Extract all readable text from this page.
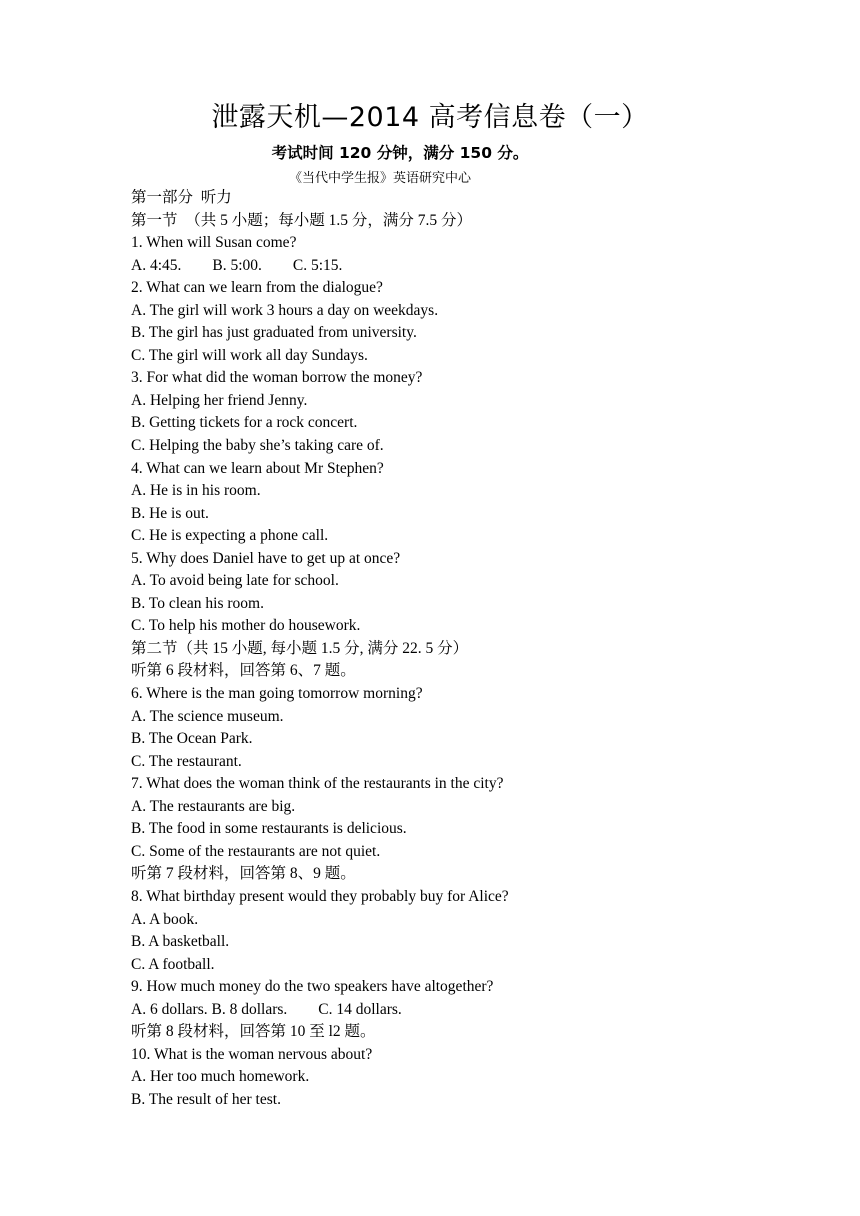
泄露天机—2014 高考信息卷（一）
考试时间 120 分钟，满分 150 分。
《当代中学生报》英语研究中心
第一部分  听力
第一节  （共 5 小题；每小题 1.5 分，满分 7.5 分）
1. When will Susan come?
A. 4:45.        B. 5:00.        C. 5:15.
2. What can we learn from the dialogue?
A. The girl will work 3 hours a day on weekdays.
B. The girl has just graduated from university.
C. The girl will work all day Sundays.
3. For what did the woman borrow the money?
A. Helping her friend Jenny.
B. Getting tickets for a rock concert.
C. Helping the baby she’s taking care of.
4. What can we learn about Mr Stephen?
A. He is in his room.
B. He is out.
C. He is expecting a phone call.
5. Why does Daniel have to get up at once?
A. To avoid being late for school.
B. To clean his room.
C. To help his mother do housework.
第二节（共 15 小题, 每小题 1.5 分, 满分 22. 5 分）
听第 6 段材料，回答第 6、7 题。
6. Where is the man going tomorrow morning?
A. The science museum.
B. The Ocean Park.
C. The restaurant.
7. What does the woman think of the restaurants in the city?
A. The restaurants are big.
B. The food in some restaurants is delicious.
C. Some of the restaurants are not quiet.
听第 7 段材料，回答第 8、9 题。
8. What birthday present would they probably buy for Alice?
A. A book.
B. A basketball.
C. A football.
9. How much money do the two speakers have altogether?
A. 6 dollars. B. 8 dollars.        C. 14 dollars.
听第 8 段材料，回答第 10 至 l2 题。
10. What is the woman nervous about?
A. Her too much homework.
B. The result of her test.
